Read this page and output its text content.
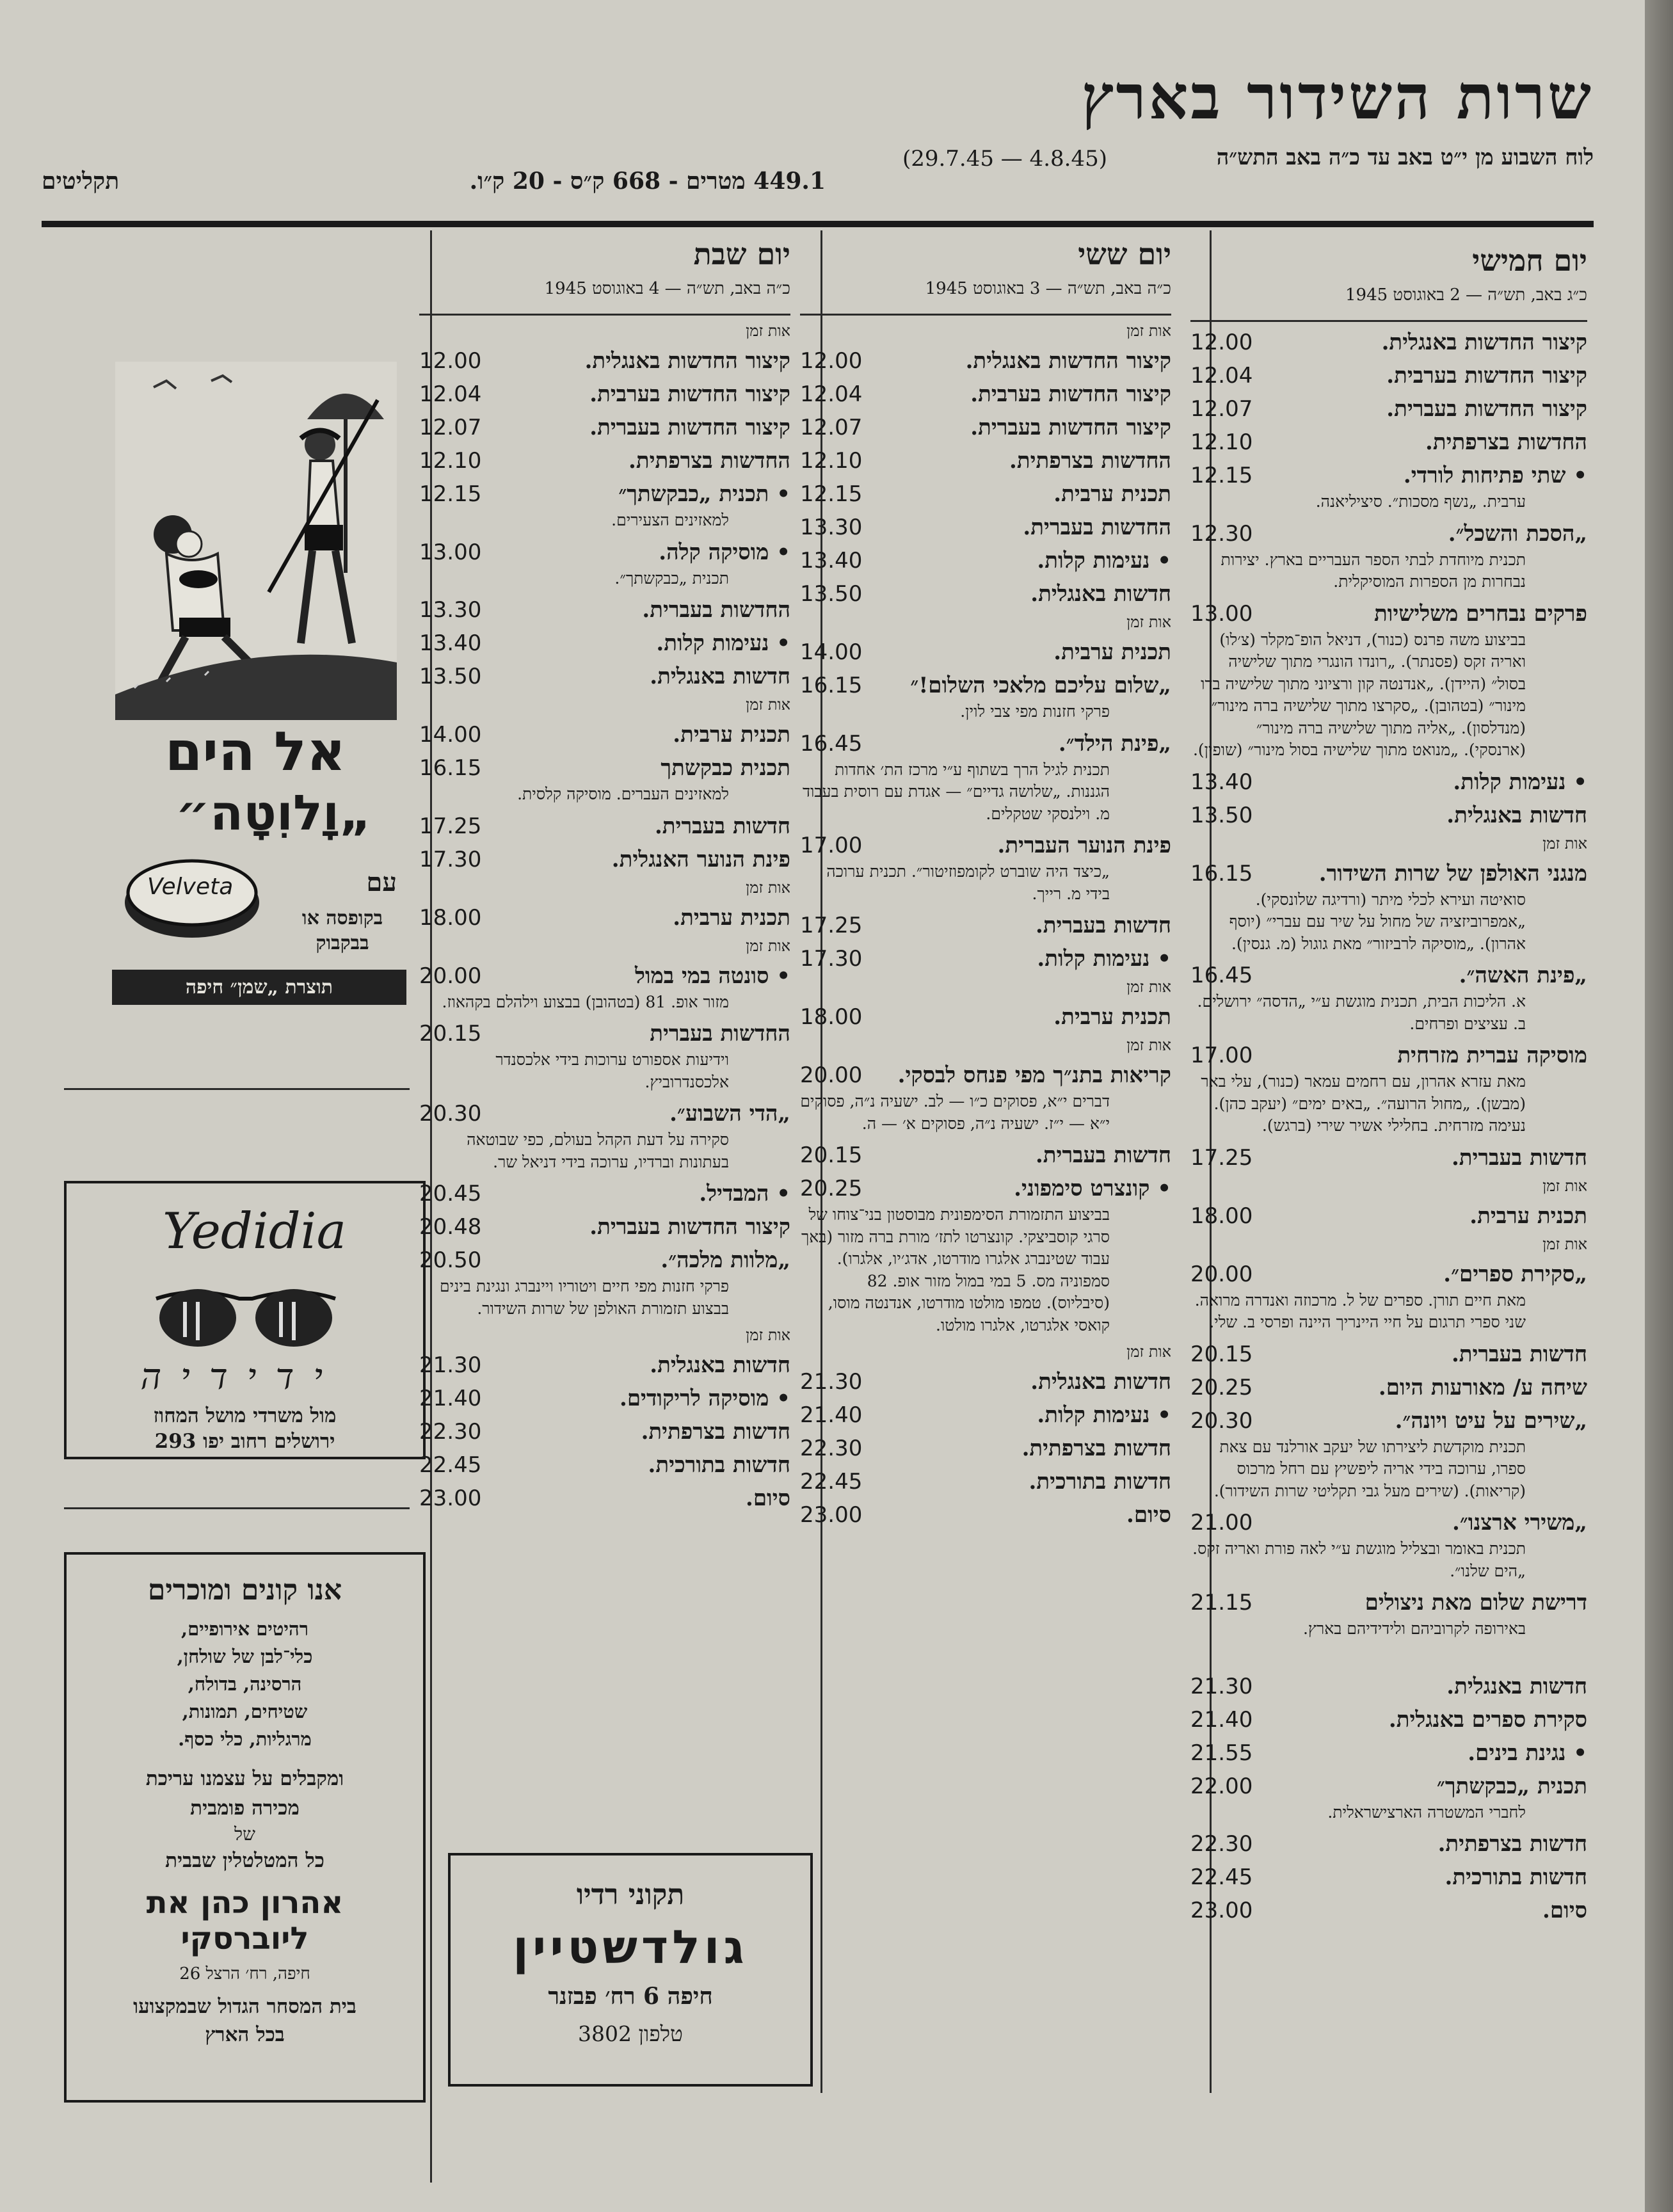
שרות השידור בארץ
לוח השבוע מן י״ט באב עד כ״ה באב התש״ה
(29.7.45 — 4.8.45)
449.1 מטרים - 668 ק״ס - 20 ק״ו.
תקליטים
יום חמישי
כ״ג באב, תש״ה — 2 באוגוסט 1945
קיצור החדשות באנגלית.
12.00
קיצור החדשות בערבית.
12.04
קיצור החדשות בעברית.
12.07
החדשות בצרפתית.
12.10
• שתי פתיחות לורדי.
12.15
ערבית. „נשף מסכות״. סיציליאנה.
„הסכת והשכל״.
12.30
תכנית מיוחדת לבתי הספר העבריים בארץ. יצירות נבחרות מן הספרות המוסיקלית.
פרקים נבחרים משלישיות
13.00
בביצוע משה פרנס (כנור), דניאל הופ־מקלר (צ׳לו) ואריה זקס (פסנתר). „רונדו הונגרי מתוך שלישיה בסול״ (היידן). „אנדנטה קון ורציוני מתוך שלישיה בדו מינור״ (בטהובן). „סקרצו מתוך שלישיה ברה מינור״ (מנדלסון). „אליה מתוך שלישיה ברה מינור״ (ארנסקי). „מנואט מתוך שלישיה בסול מינור״ (שופין).
• נעימות קלות.
13.40
חדשות באנגלית.
13.50
אות זמן
מנגני האולפן של שרות השידור.
16.15
סואיטה ועירא לכלי מיתר (ורדיגה שלונסקי). „אמפרוביזציה של מחול על שיר עם עברי״ (יוסף אהרון). „מוסיקה לרביזור״ מאת גוגול (מ. גנסין).
„פינת האשה״.
16.45
א. הליכות הבית, תכנית מוגשת ע״י „הדסה״ ירושלים. ב. עציצים ופרחים.
מוסיקה עברית מזרחית
17.00
מאת עזרא אהרון, עם רחמים עמאר (כנור), עלי באר (מבשן). „מחול הרועה״. „באים ימים״ (יעקב כהן). נעימה מזרחית. בחלילי אשיר שירי (ברגש).
חדשות בעברית.
17.25
אות זמן
תכנית ערבית.
18.00
אות זמן
„סקירת ספרים״.
20.00
מאת חיים תורן. ספרים של ל. מרכוזה ואנדרה מרואה. שני ספרי תרגום על חיי היינריך היינה ופרסי ב. שלי.
חדשות בעברית.
20.15
שיחה ע/ מאורעות היום.
20.25
„שירים על עיט ויונה״.
20.30
תכנית מוקדשת ליצירתו של יעקב אורלנד עם צאת ספרו, ערוכה בידי אריה ליפשיץ עם רחל מרכוס (קריאות). (שירים מעל גבי תקליטי שרות השידור).
„משירי ארצנו״.
21.00
תכנית באומר ובצליל מוגשת ע״י לאה פורת ואריה זקס. „הים שלנו״.
דרישת שלום מאת ניצולים
21.15
באירופה לקרוביהם ולידידיהם בארץ.
חדשות באנגלית.
21.30
סקירת ספרים באנגלית.
21.40
• נגינת בינים.
21.55
תכנית „כבקשתך״
22.00
לחברי המשטרה הארצישראלית.
חדשות בצרפתית.
22.30
חדשות בתורכית.
22.45
סיום.
23.00
יום ששי
כ״ה באב, תש״ה — 3 באוגוסט 1945
אות זמן
קיצור החדשות באנגלית.
12.00
קיצור החדשות בערבית.
12.04
קיצור החדשות בעברית.
12.07
החדשות בצרפתית.
12.10
תכנית ערבית.
12.15
החדשות בעברית.
13.30
• נעימות קלות.
13.40
חדשות באנגלית.
13.50
אות זמן
תכנית ערבית.
14.00
„שלום עליכם מלאכי השלום!״
16.15
פרקי חזנות מפי צבי לוין.
„פינת הילד״.
16.45
תכנית לגיל הרך בשתוף ע״י מרכז הת׳ אחדות הגננות. „שלושה גדיים״ — אגדת עם רוסית בעבוד מ. וילנסקי שטקלים.
פינת הנוער העברית.
17.00
„כיצד היה שוברט לקומפוזיטור״. תכנית ערוכה בידי מ. רייך.
חדשות בעברית.
17.25
• נעימות קלות.
17.30
אות זמן
תכנית ערבית.
18.00
אות זמן
קריאות בתנ״ך מפי פנחס לבסקי.
20.00
דברים י״א, פסוקים כ״ו — לב. ישעיה נ״ה, פסוקים י״א — י״ז. ישעיה נ״ה, פסוקים א׳ — ה.
חדשות בעברית.
20.15
• קונצרט סימפוני.
20.25
בביצוע התזמורת הסימפונית מבוסטון בני־צוחו של סרגי קוסביצקי. קונצרטו לתז׳ מורת ברה מזור (באך עבוד שטינברג אלגרו מודרטו, אדג׳יו, אלגרו). סמפוניה מס. 5 במי במול מזור אופ. 82 (סיבליוס). טמפו מולטו מודרטו, אנדנטה מוסו, קואסי אלגרטו, אלגרו מולטו.
אות זמן
חדשות באנגלית.
21.30
• נעימות קלות.
21.40
חדשות בצרפתית.
22.30
חדשות בתורכית.
22.45
סיום.
23.00
יום שבת
כ״ה באב, תש״ה — 4 באוגוסט 1945
אות זמן
קיצור החדשות באנגלית.
12.00
קיצור החדשות בערבית.
12.04
קיצור החדשות בעברית.
12.07
החדשות בצרפתית.
12.10
• תכנית „כבקשתך״
12.15
למאזינים הצעירים.
• מוסיקה קלה.
13.00
תכנית „כבקשתך״.
החדשות בעברית.
13.30
• נעימות קלות.
13.40
חדשות באנגלית.
13.50
אות זמן
תכנית ערבית.
14.00
תכנית כבקשתך
16.15
למאזינים העברים. מוסיקה קלסית.
חדשות בעברית.
17.25
פינת הנוער האנגלית.
17.30
אות זמן
תכנית ערבית.
18.00
אות זמן
• סונטה במי במול
20.00
מזור אופ. 81 (בטהובן) בבצוע וילהלם בקהאוז.
החדשות בעברית
20.15
וידיעות אספורט ערוכות בידי אלכסנדר אלכסנדרוביץ.
„הדי השבוע״.
20.30
סקירה על דעת הקהל בעולם, כפי שבוטאה בעתונות וברדיו, ערוכה בידי דניאל שר.
• המבדיל.
20.45
קיצור החדשות בעברית.
20.48
„מלוות מלכה״.
20.50
פרקי חזנות מפי חיים ויטוריו ויינברג ונגינת בינים בבצוע תזמורת האולפן של שרות השידור.
אות זמן
חדשות באנגלית.
21.30
• מוסיקה לריקודים.
21.40
חדשות בצרפתית.
22.30
חדשות בתורכית.
22.45
סיום.
23.00
אל הים
„וָלוִטָה״
עם
Velveta
בקופסה או בבקבוק
תוצרת „שמן״ חיפה
Yedidia
ידידיה
מול משרדי מושל המחוז
ירושלים רחוב יפו 293
אנו קונים ומוכרים
רהיטים אירופיים,
כלי־לבן של שולחן,
הרסינה, בדולח,
שטיחים, תמונות,
מרגליות, כלי כסף.
ומקבלים על עצמנו עריכת
מכירה פומבית
של
כל המטלטלין שבבית
אהרון כהן את ליוברסקי
חיפה, רח׳ הרצל 26
בית המסחר הגדול שבמקצועו
בכל הארץ
תקוני רדיו
גולדשטיין
חיפה 6 רח׳ פבזנר
טלפון 3802
